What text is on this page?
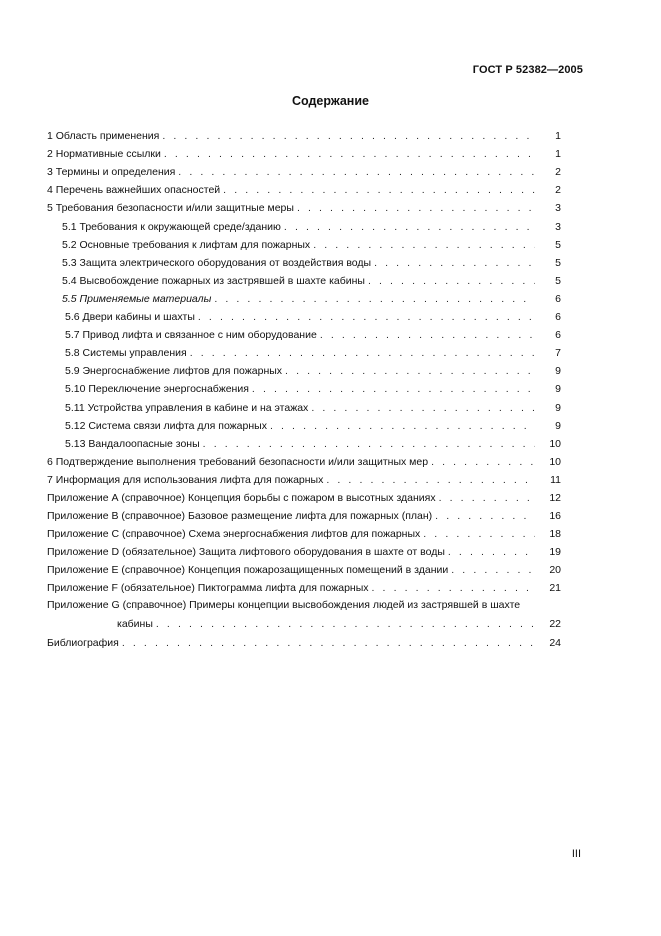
ГОСТ Р 52382—2005
Содержание
1 Область применения . . .	1
2 Нормативные ссылки . . .	1
3 Термины и определения . . .	2
4 Перечень важнейших опасностей . . .	2
5 Требования безопасности и/или защитные меры . . .	3
5.1 Требования к окружающей среде/зданию . . .	3
5.2 Основные требования к лифтам для пожарных . . .	5
5.3 Защита электрического оборудования от воздействия воды . . .	5
5.4 Высвобождение пожарных из застрявшей в шахте кабины . . .	5
5.5 Применяемые материалы . . .	6
5.6 Двери кабины и шахты . . .	6
5.7 Привод лифта и связанное с ним оборудование . . .	6
5.8 Системы управления . . .	7
5.9 Энергоснабжение лифтов для пожарных . . .	9
5.10 Переключение энергоснабжения . . .	9
5.11 Устройства управления в кабине и на этажах . . .	9
5.12 Система связи лифта для пожарных . . .	9
5.13 Вандалоопасные зоны . . .	10
6 Подтверждение выполнения требований безопасности и/или защитных мер . . .	10
7 Информация для использования лифта для пожарных . . .	11
Приложение А (справочное) Концепция борьбы с пожаром в высотных зданиях . . .	12
Приложение В (справочное) Базовое размещение лифта для пожарных (план) . . .	16
Приложение С (справочное) Схема энергоснабжения лифтов для пожарных . . .	18
Приложение D (обязательное) Защита лифтового оборудования в шахте от воды . . .	19
Приложение Е (справочное) Концепция пожарозащищенных помещений в здании . . .	20
Приложение F (обязательное) Пиктограмма лифта для пожарных . . .	21
Приложение G (справочное) Примеры концепции высвобождения людей из застрявшей в шахте
кабины . . .	22
Библиография . . .	24
III
